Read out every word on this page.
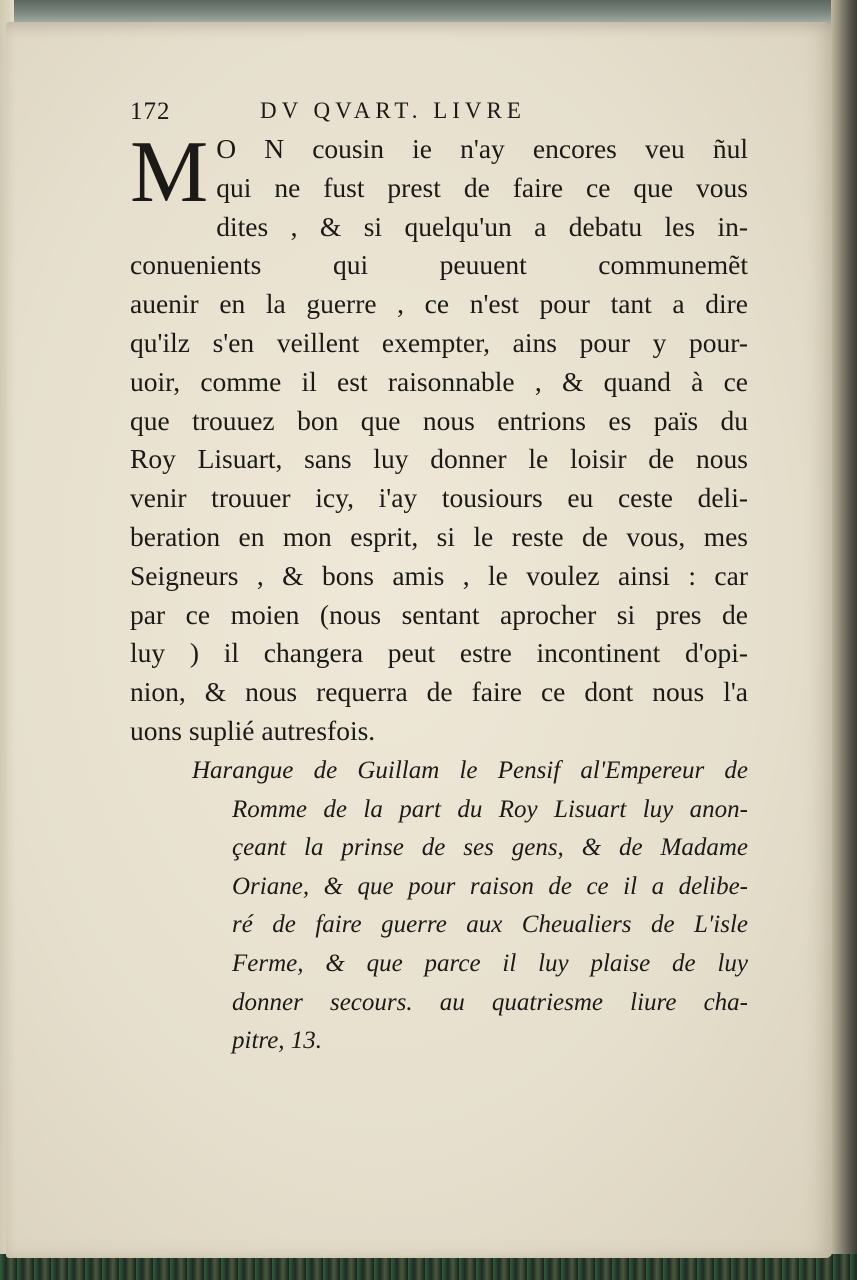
172	DV QVART. LIVRE
M O N cousin ie n'ay encores veu ñul
qui ne fust prest de faire ce que vous
dites , & si quelqu'un a debatu les in-
conuenients qui peuuent communemẽt
auenir en la guerre , ce n'est pour tant a dire
qu'ilz s'en veillent exempter, ains pour y pour-
uoir, comme il est raisonnable , & quand à ce
que trouuez bon que nous entrions es païs du
Roy Lisuart, sans luy donner le loisir de nous
venir trouuer icy, i'ay tousiours eu ceste deli-
beration en mon esprit, si le reste de vous, mes
Seigneurs , & bons amis , le voulez ainsi : car
par ce moien (nous sentant aprocher si pres de
luy ) il changera peut estre incontinent d'opi-
nion, & nous requerra de faire ce dont nous l'a
uons suplié autresfois.
Harangue de Guillam le Pensif al'Empereur de
Romme de la part du Roy Lisuart luy anon-
çeant la prinse de ses gens, & de Madame
Oriane, & que pour raison de ce il a delibe-
ré de faire guerre aux Cheualiers de L'isle
Ferme, & que parce il luy plaise de luy
donner secours. au quatriesme liure cha-
pitre, 13.
